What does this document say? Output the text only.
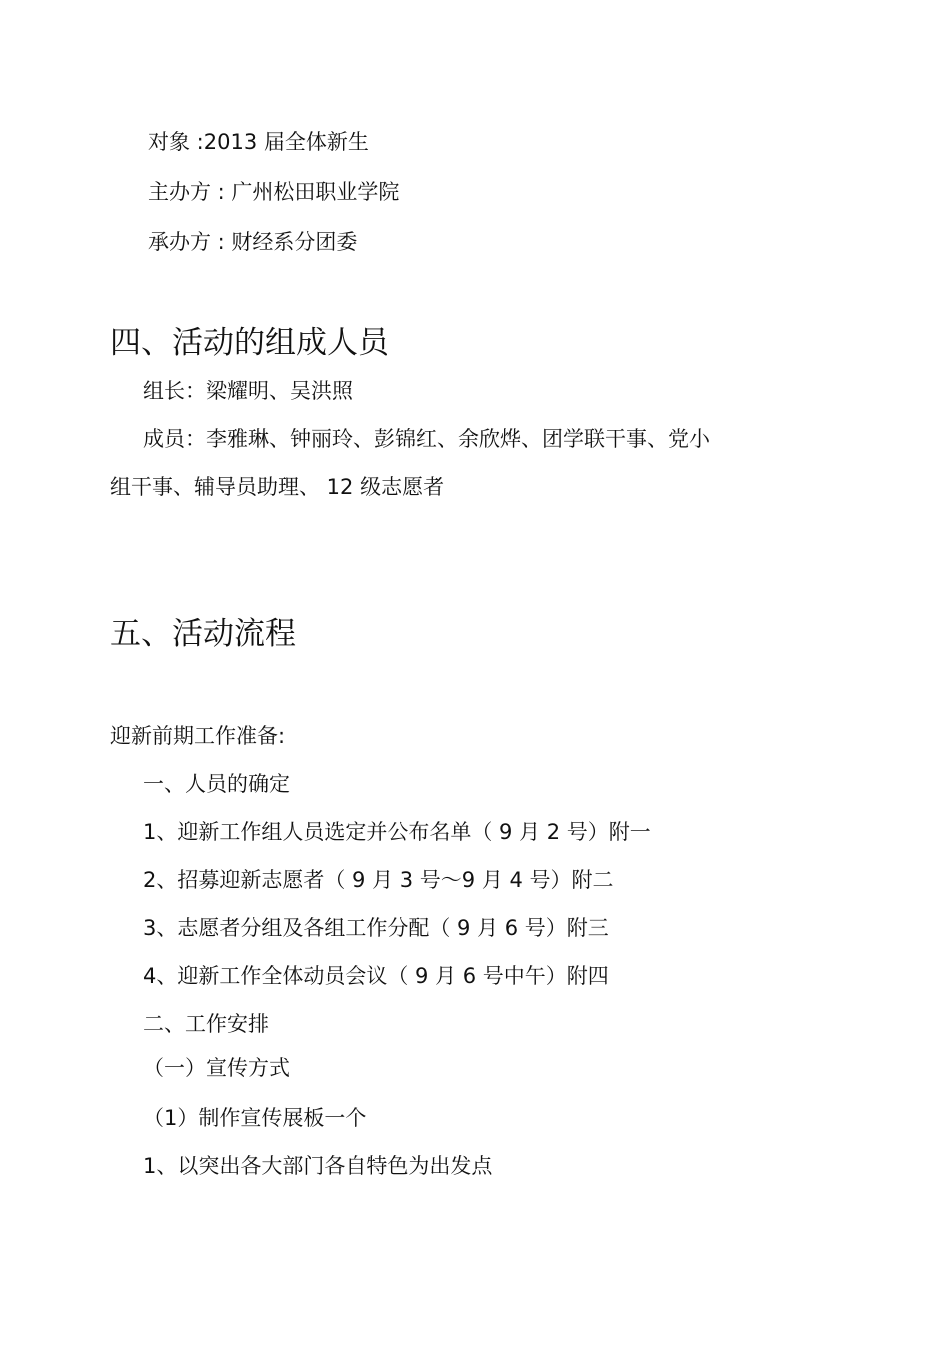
对象 :2013 届全体新生
主办方 : 广州松田职业学院
承办方 : 财经系分团委
四、活动的组成人员
组长：梁耀明、吴洪照
成员：李雅琳、钟丽玲、彭锦红、余欣烨、团学联干事、党小
组干事、辅导员助理、 12 级志愿者
五、活动流程
迎新前期工作准备:
一、人员的确定
1、迎新工作组人员选定并公布名单（ 9 月 2 号）附一
2、招募迎新志愿者（ 9 月 3 号～9 月 4 号）附二
3、志愿者分组及各组工作分配（ 9 月 6 号）附三
4、迎新工作全体动员会议（ 9 月 6 号中午）附四
二、工作安排
（一）宣传方式
（1）制作宣传展板一个
1、以突出各大部门各自特色为出发点
